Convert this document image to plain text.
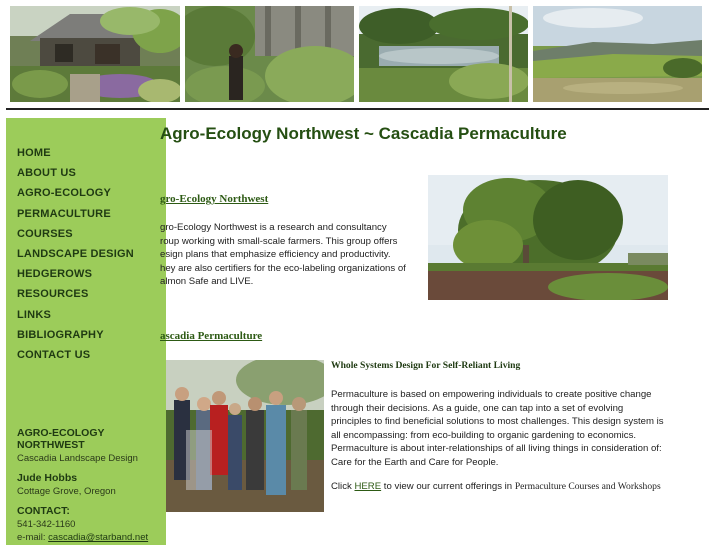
HOME
ABOUT US
AGRO-ECOLOGY
PERMACULTURE
COURSES
LANDSCAPE DESIGN
HEDGEROWS
RESOURCES
LINKS
BIBLIOGRAPHY
CONTACT US
AGRO-ECOLOGY NORTHWEST
Cascadia Landscape Design
Jude Hobbs
Cottage Grove, Oregon
CONTACT:
541-342-1160
e-mail: cascadia@starband.net
Agro-Ecology Northwest ~ Cascadia Permaculture
gro-Ecology Northwest
gro-Ecology Northwest is a research and consultancy
roup working with small-scale farmers. This group offers
esign plans that emphasize efficiency and productivity.
hey are also certifiers for the eco-labeling organizations of
almon Safe and LIVE.
ascadia Permaculture
Whole Systems Design For Self-Reliant Living
Permaculture is based on empowering individuals to create positive change
through their decisions. As a guide, one can tap into a set of evolving
principles to find beneficial solutions to most challenges. This design system is
all encompassing: from eco-building to organic gardening to economics.
Permaculture is about inter-relationships of all living things in consideration of:
Care for the Earth and Care for People.
Click HERE to view our current offerings in Permaculture Courses and Workshops
